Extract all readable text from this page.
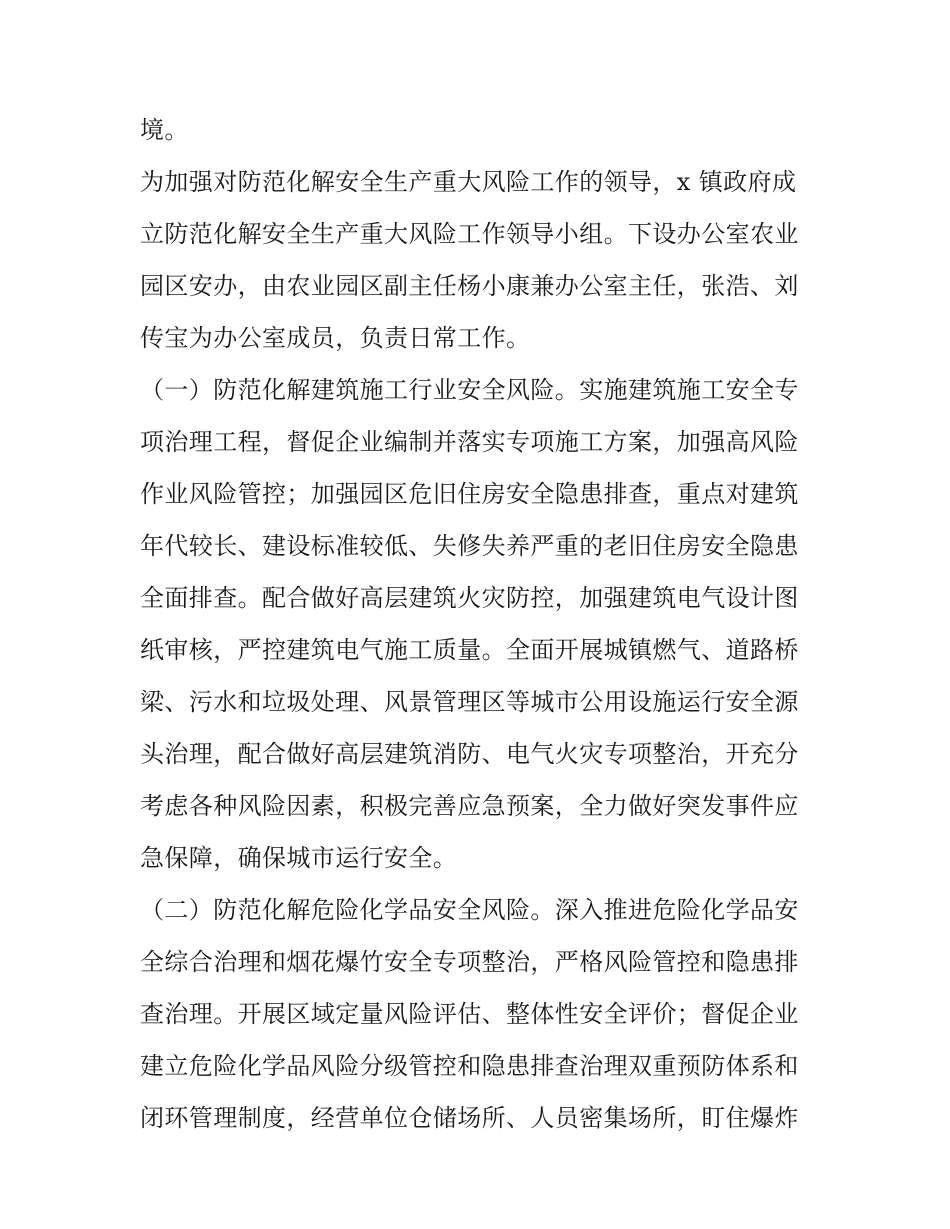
境。
为加强对防范化解安全生产重大风险工作的领导，x 镇政府成
立防范化解安全生产重大风险工作领导小组。下设办公室农业
园区安办，由农业园区副主任杨小康兼办公室主任，张浩、刘
传宝为办公室成员，负责日常工作。
（一）防范化解建筑施工行业安全风险。实施建筑施工安全专
项治理工程，督促企业编制并落实专项施工方案，加强高风险
作业风险管控；加强园区危旧住房安全隐患排查，重点对建筑
年代较长、建设标准较低、失修失养严重的老旧住房安全隐患
全面排查。配合做好高层建筑火灾防控，加强建筑电气设计图
纸审核，严控建筑电气施工质量。全面开展城镇燃气、道路桥
梁、污水和垃圾处理、风景管理区等城市公用设施运行安全源
头治理，配合做好高层建筑消防、电气火灾专项整治，开充分
考虑各种风险因素，积极完善应急预案，全力做好突发事件应
急保障，确保城市运行安全。
（二）防范化解危险化学品安全风险。深入推进危险化学品安
全综合治理和烟花爆竹安全专项整治，严格风险管控和隐患排
查治理。开展区域定量风险评估、整体性安全评价；督促企业
建立危险化学品风险分级管控和隐患排查治理双重预防体系和
闭环管理制度，经营单位仓储场所、人员密集场所，盯住爆炸
